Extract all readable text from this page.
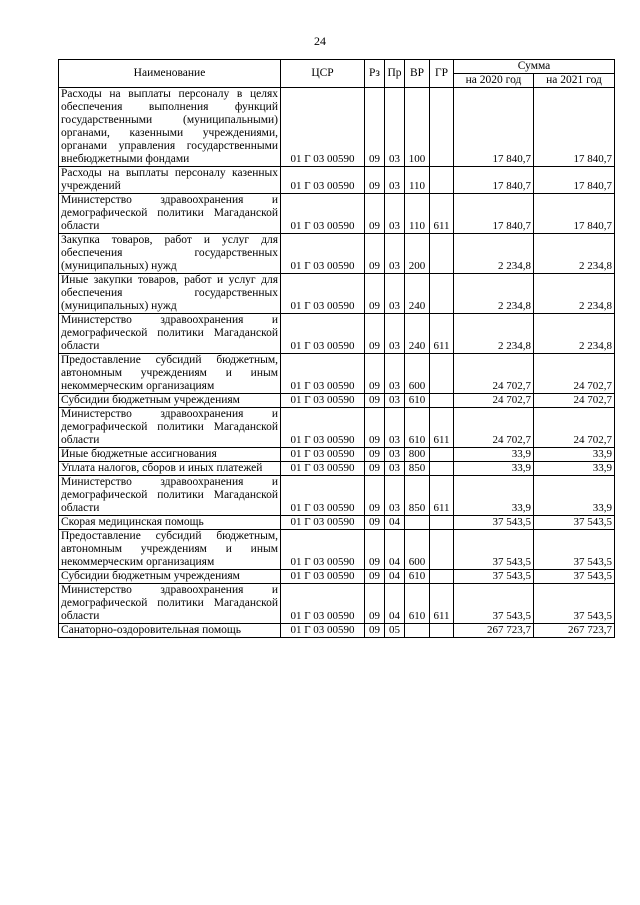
24
Наименование	ЦСР	Рз	Пр	ВР	ГР	Сумма	
						на 2020 год	на 2021 год
Расходы на выплаты персоналу в целях обеспечения выполнения функций государственными (муниципальными) органами, казенными учреждениями, органами управления государственными внебюджетными фондами	01 Г 03 00590	09	03	100		17 840,7	17 840,7
Расходы на выплаты персоналу казенных учреждений	01 Г 03 00590	09	03	110		17 840,7	17 840,7
Министерство здравоохранения и демографической политики Магаданской области	01 Г 03 00590	09	03	110	611	17 840,7	17 840,7
Закупка товаров, работ и услуг для обеспечения государственных (муниципальных) нужд	01 Г 03 00590	09	03	200		2 234,8	2 234,8
Иные закупки товаров, работ и услуг для обеспечения государственных (муниципальных) нужд	01 Г 03 00590	09	03	240		2 234,8	2 234,8
Министерство здравоохранения и демографической политики Магаданской области	01 Г 03 00590	09	03	240	611	2 234,8	2 234,8
Предоставление субсидий бюджетным, автономным учреждениям и иным некоммерческим организациям	01 Г 03 00590	09	03	600		24 702,7	24 702,7
Субсидии бюджетным учреждениям	01 Г 03 00590	09	03	610		24 702,7	24 702,7
Министерство здравоохранения и демографической политики Магаданской области	01 Г 03 00590	09	03	610	611	24 702,7	24 702,7
Иные бюджетные ассигнования	01 Г 03 00590	09	03	800		33,9	33,9
Уплата налогов, сборов и иных платежей	01 Г 03 00590	09	03	850		33,9	33,9
Министерство здравоохранения и демографической политики Магаданской области	01 Г 03 00590	09	03	850	611	33,9	33,9
Скорая медицинская помощь	01 Г 03 00590	09	04			37 543,5	37 543,5
Предоставление субсидий бюджетным, автономным учреждениям и иным некоммерческим организациям	01 Г 03 00590	09	04	600		37 543,5	37 543,5
Субсидии бюджетным учреждениям	01 Г 03 00590	09	04	610		37 543,5	37 543,5
Министерство здравоохранения и демографической политики Магаданской области	01 Г 03 00590	09	04	610	611	37 543,5	37 543,5
Санаторно-оздоровительная помощь	01 Г 03 00590	09	05			267 723,7	267 723,7
